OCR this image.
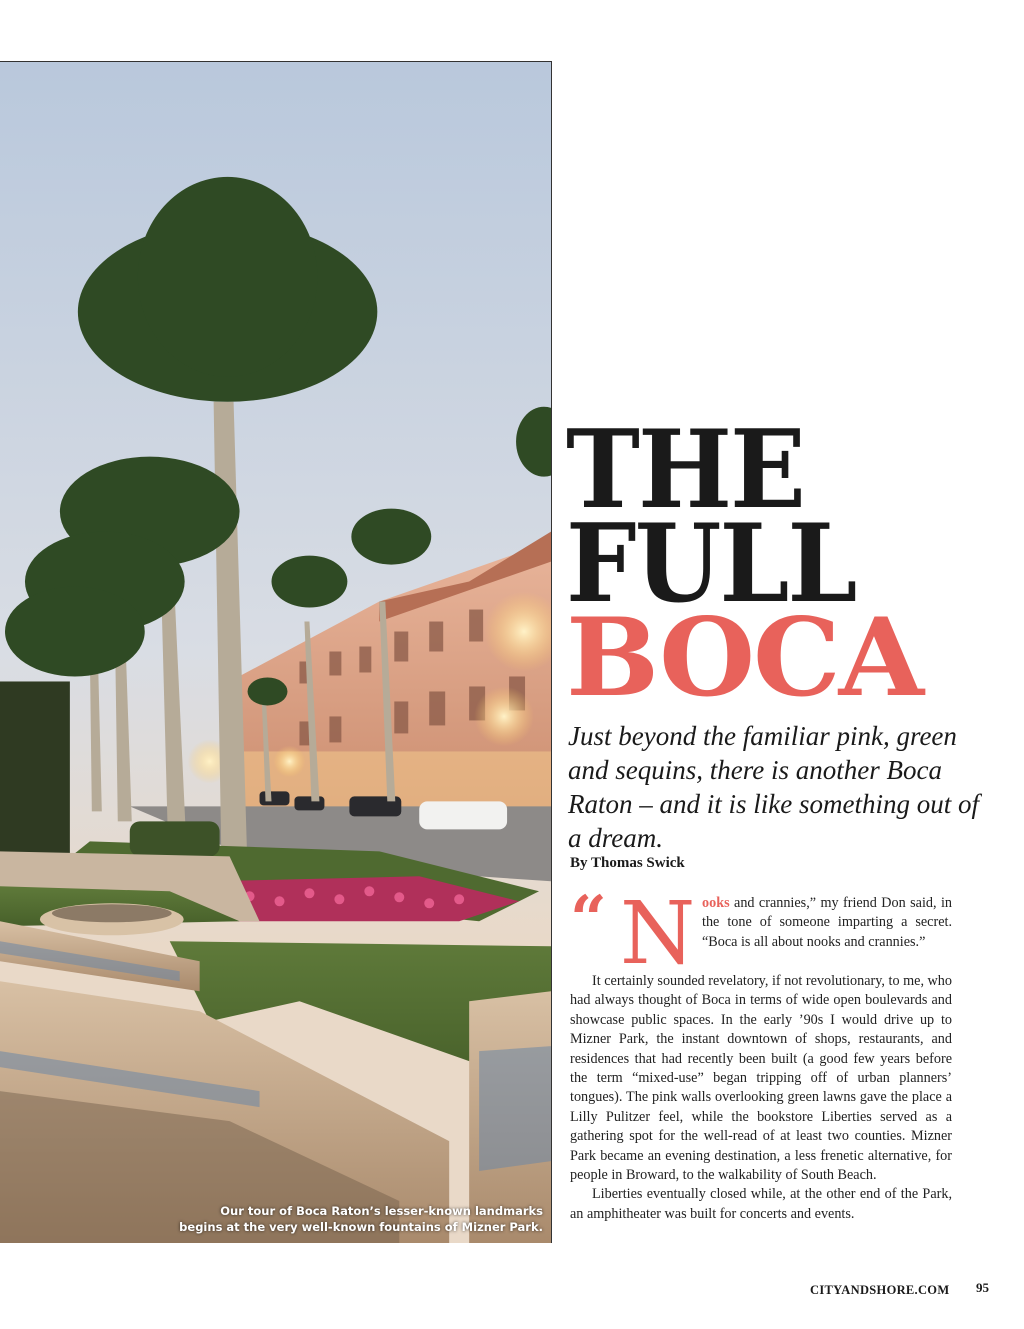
Our tour of Boca Raton’s lesser-known landmarks
begins at the very well-known fountains of Mizner Park.
THE
FULL
BOCA
Just beyond the familiar pink, green and sequins, there is another Boca Raton – and it is like something out of a dream.
By Thomas Swick
“ N ooks and crannies,” my friend Don said, in the tone of someone imparting a secret. “Boca is all about nooks and crannies.”

It certainly sounded revelatory, if not revolutionary, to me, who had always thought of Boca in terms of wide open boulevards and showcase public spaces. In the early ’90s I would drive up to Mizner Park, the instant downtown of shops, restaurants, and residences that had recently been built (a good few years before the term “mixed-use” began tripping off of urban planners’ tongues). The pink walls overlooking green lawns gave the place a Lilly Pulitzer feel, while the bookstore Liberties served as a gathering spot for the well-read of at least two counties. Mizner Park became an evening destination, a less frenetic alternative, for people in Broward, to the walkability of South Beach.

Liberties eventually closed while, at the other end of the Park, an amphitheater was built for concerts and events.

CITYANDSHORE.COM 95
